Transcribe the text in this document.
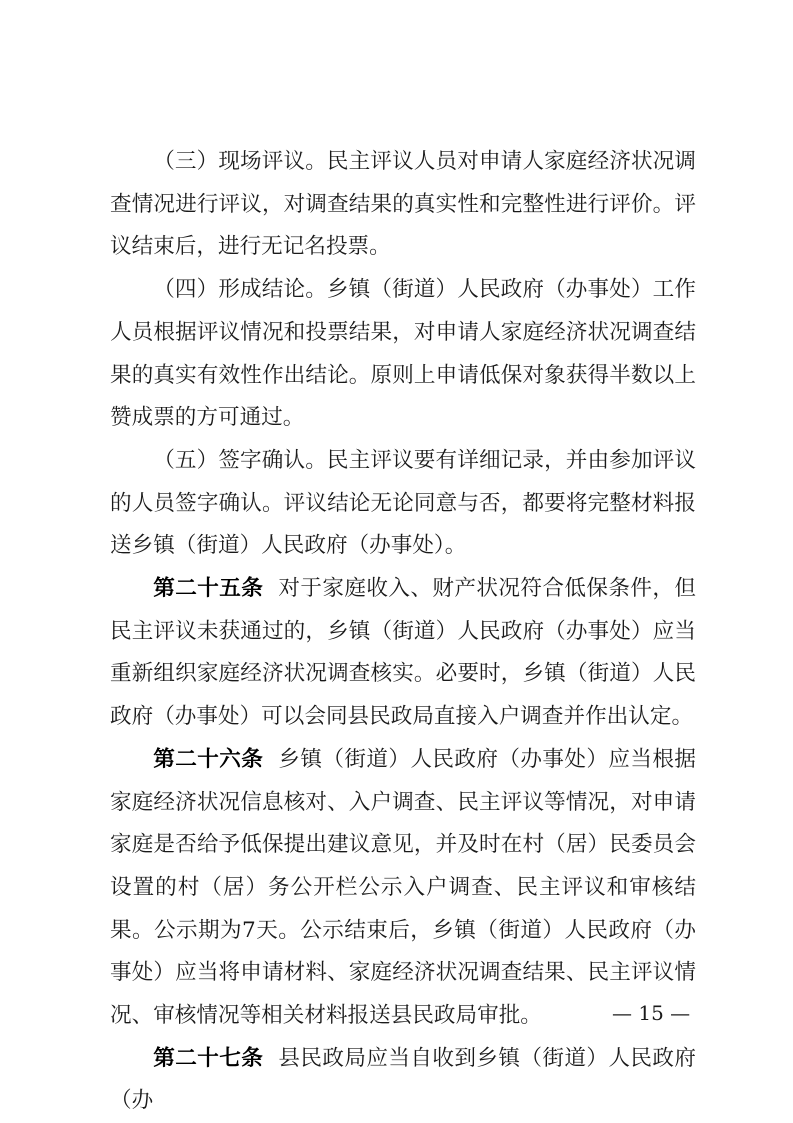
（三）现场评议。民主评议人员对申请人家庭经济状况调查情况进行评议，对调查结果的真实性和完整性进行评价。评议结束后，进行无记名投票。

（四）形成结论。乡镇（街道）人民政府（办事处）工作人员根据评议情况和投票结果，对申请人家庭经济状况调查结果的真实有效性作出结论。原则上申请低保对象获得半数以上赞成票的方可通过。

（五）签字确认。民主评议要有详细记录，并由参加评议的人员签字确认。评议结论无论同意与否，都要将完整材料报送乡镇（街道）人民政府（办事处）。

第二十五条 对于家庭收入、财产状况符合低保条件，但民主评议未获通过的，乡镇（街道）人民政府（办事处）应当重新组织家庭经济状况调查核实。必要时，乡镇（街道）人民政府（办事处）可以会同县民政局直接入户调查并作出认定。

第二十六条 乡镇（街道）人民政府（办事处）应当根据家庭经济状况信息核对、入户调查、民主评议等情况，对申请家庭是否给予低保提出建议意见，并及时在村（居）民委员会设置的村（居）务公开栏公示入户调查、民主评议和审核结果。公示期为7天。公示结束后，乡镇（街道）人民政府（办事处）应当将申请材料、家庭经济状况调查结果、民主评议情况、审核情况等相关材料报送县民政局审批。

第二十七条 县民政局应当自收到乡镇（街道）人民政府（办

— 15 —
